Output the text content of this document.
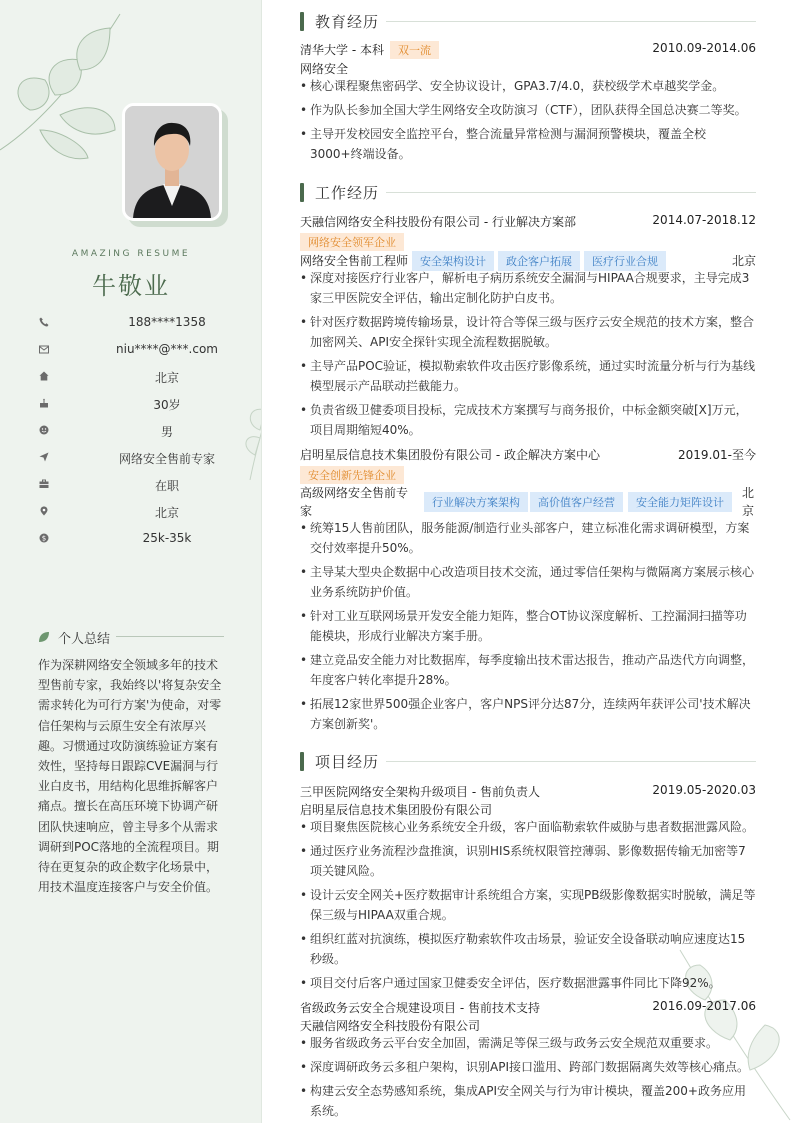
AMAZING RESUME
牛敬业
188****1358
niu****@***.com
北京
30岁
男
网络安全售前专家
在职
北京
$	25k-35k
个人总结
作为深耕网络安全领域多年的技术型售前专家，我始终以'将复杂安全需求转化为可行方案'为使命，对零信任架构与云原生安全有浓厚兴趣。习惯通过攻防演练验证方案有效性，坚持每日跟踪CVE漏洞与行业白皮书，用结构化思维拆解客户痛点。擅长在高压环境下协调产研团队快速响应，曾主导多个从需求调研到POC落地的全流程项目。期待在更复杂的政企数字化场景中，用技术温度连接客户与安全价值。
教育经历
清华大学 - 本科 双一流	2010.09-2014.06
网络安全
• 核心课程聚焦密码学、安全协议设计，GPA3.7/4.0，获校级学术卓越奖学金。
• 作为队长参加全国大学生网络安全攻防演习（CTF），团队获得全国总决赛二等奖。
• 主导开发校园安全监控平台，整合流量异常检测与漏洞预警模块，覆盖全校3000+终端设备。
工作经历
天融信网络安全科技股份有限公司 - 行业解决方案部	2014.07-2018.12
网络安全领军企业
网络安全售前工程师	安全架构设计	政企客户拓展	医疗行业合规	北京
• 深度对接医疗行业客户，解析电子病历系统安全漏洞与HIPAA合规要求，主导完成3家三甲医院安全评估，输出定制化防护白皮书。
• 针对医疗数据跨境传输场景，设计符合等保三级与医疗云安全规范的技术方案，整合加密网关、API安全探针实现全流程数据脱敏。
• 主导产品POC验证，模拟勒索软件攻击医疗影像系统，通过实时流量分析与行为基线模型展示产品联动拦截能力。
• 负责省级卫健委项目投标，完成技术方案撰写与商务报价，中标金额突破[X]万元，项目周期缩短40%。
启明星辰信息技术集团股份有限公司 - 政企解决方案中心	2019.01-至今
安全创新先锋企业
高级网络安全售前专家
行业解决方案架构	高价值客户经营	安全能力矩阵设计
北京
• 统筹15人售前团队，服务能源/制造行业头部客户，建立标准化需求调研模型，方案交付效率提升50%。
• 主导某大型央企数据中心改造项目技术交流，通过零信任架构与微隔离方案展示核心业务系统防护价值。
• 针对工业互联网场景开发安全能力矩阵，整合OT协议深度解析、工控漏洞扫描等功能模块，形成行业解决方案手册。
• 建立竞品安全能力对比数据库，每季度输出技术雷达报告，推动产品迭代方向调整，年度客户转化率提升28%。
• 拓展12家世界500强企业客户，客户NPS评分达87分，连续两年获评公司'技术解决方案创新奖'。
项目经历
三甲医院网络安全架构升级项目 - 售前负责人	2019.05-2020.03
启明星辰信息技术集团股份有限公司
• 项目聚焦医院核心业务系统安全升级，客户面临勒索软件威胁与患者数据泄露风险。
• 通过医疗业务流程沙盘推演，识别HIS系统权限管控薄弱、影像数据传输无加密等7项关键风险。
• 设计云安全网关+医疗数据审计系统组合方案，实现PB级影像数据实时脱敏，满足等保三级与HIPAA双重合规。
• 组织红蓝对抗演练，模拟医疗勒索软件攻击场景，验证安全设备联动响应速度达15秒级。
• 项目交付后客户通过国家卫健委安全评估，医疗数据泄露事件同比下降92%。
省级政务云安全合规建设项目 - 售前技术支持	2016.09-2017.06
天融信网络安全科技股份有限公司
• 服务省级政务云平台安全加固，需满足等保三级与政务云安全规范双重要求。
• 深度调研政务云多租户架构，识别API接口滥用、跨部门数据隔离失效等核心痛点。
• 构建云安全态势感知系统，集成API安全网关与行为审计模块，覆盖200+政务应用系统。
